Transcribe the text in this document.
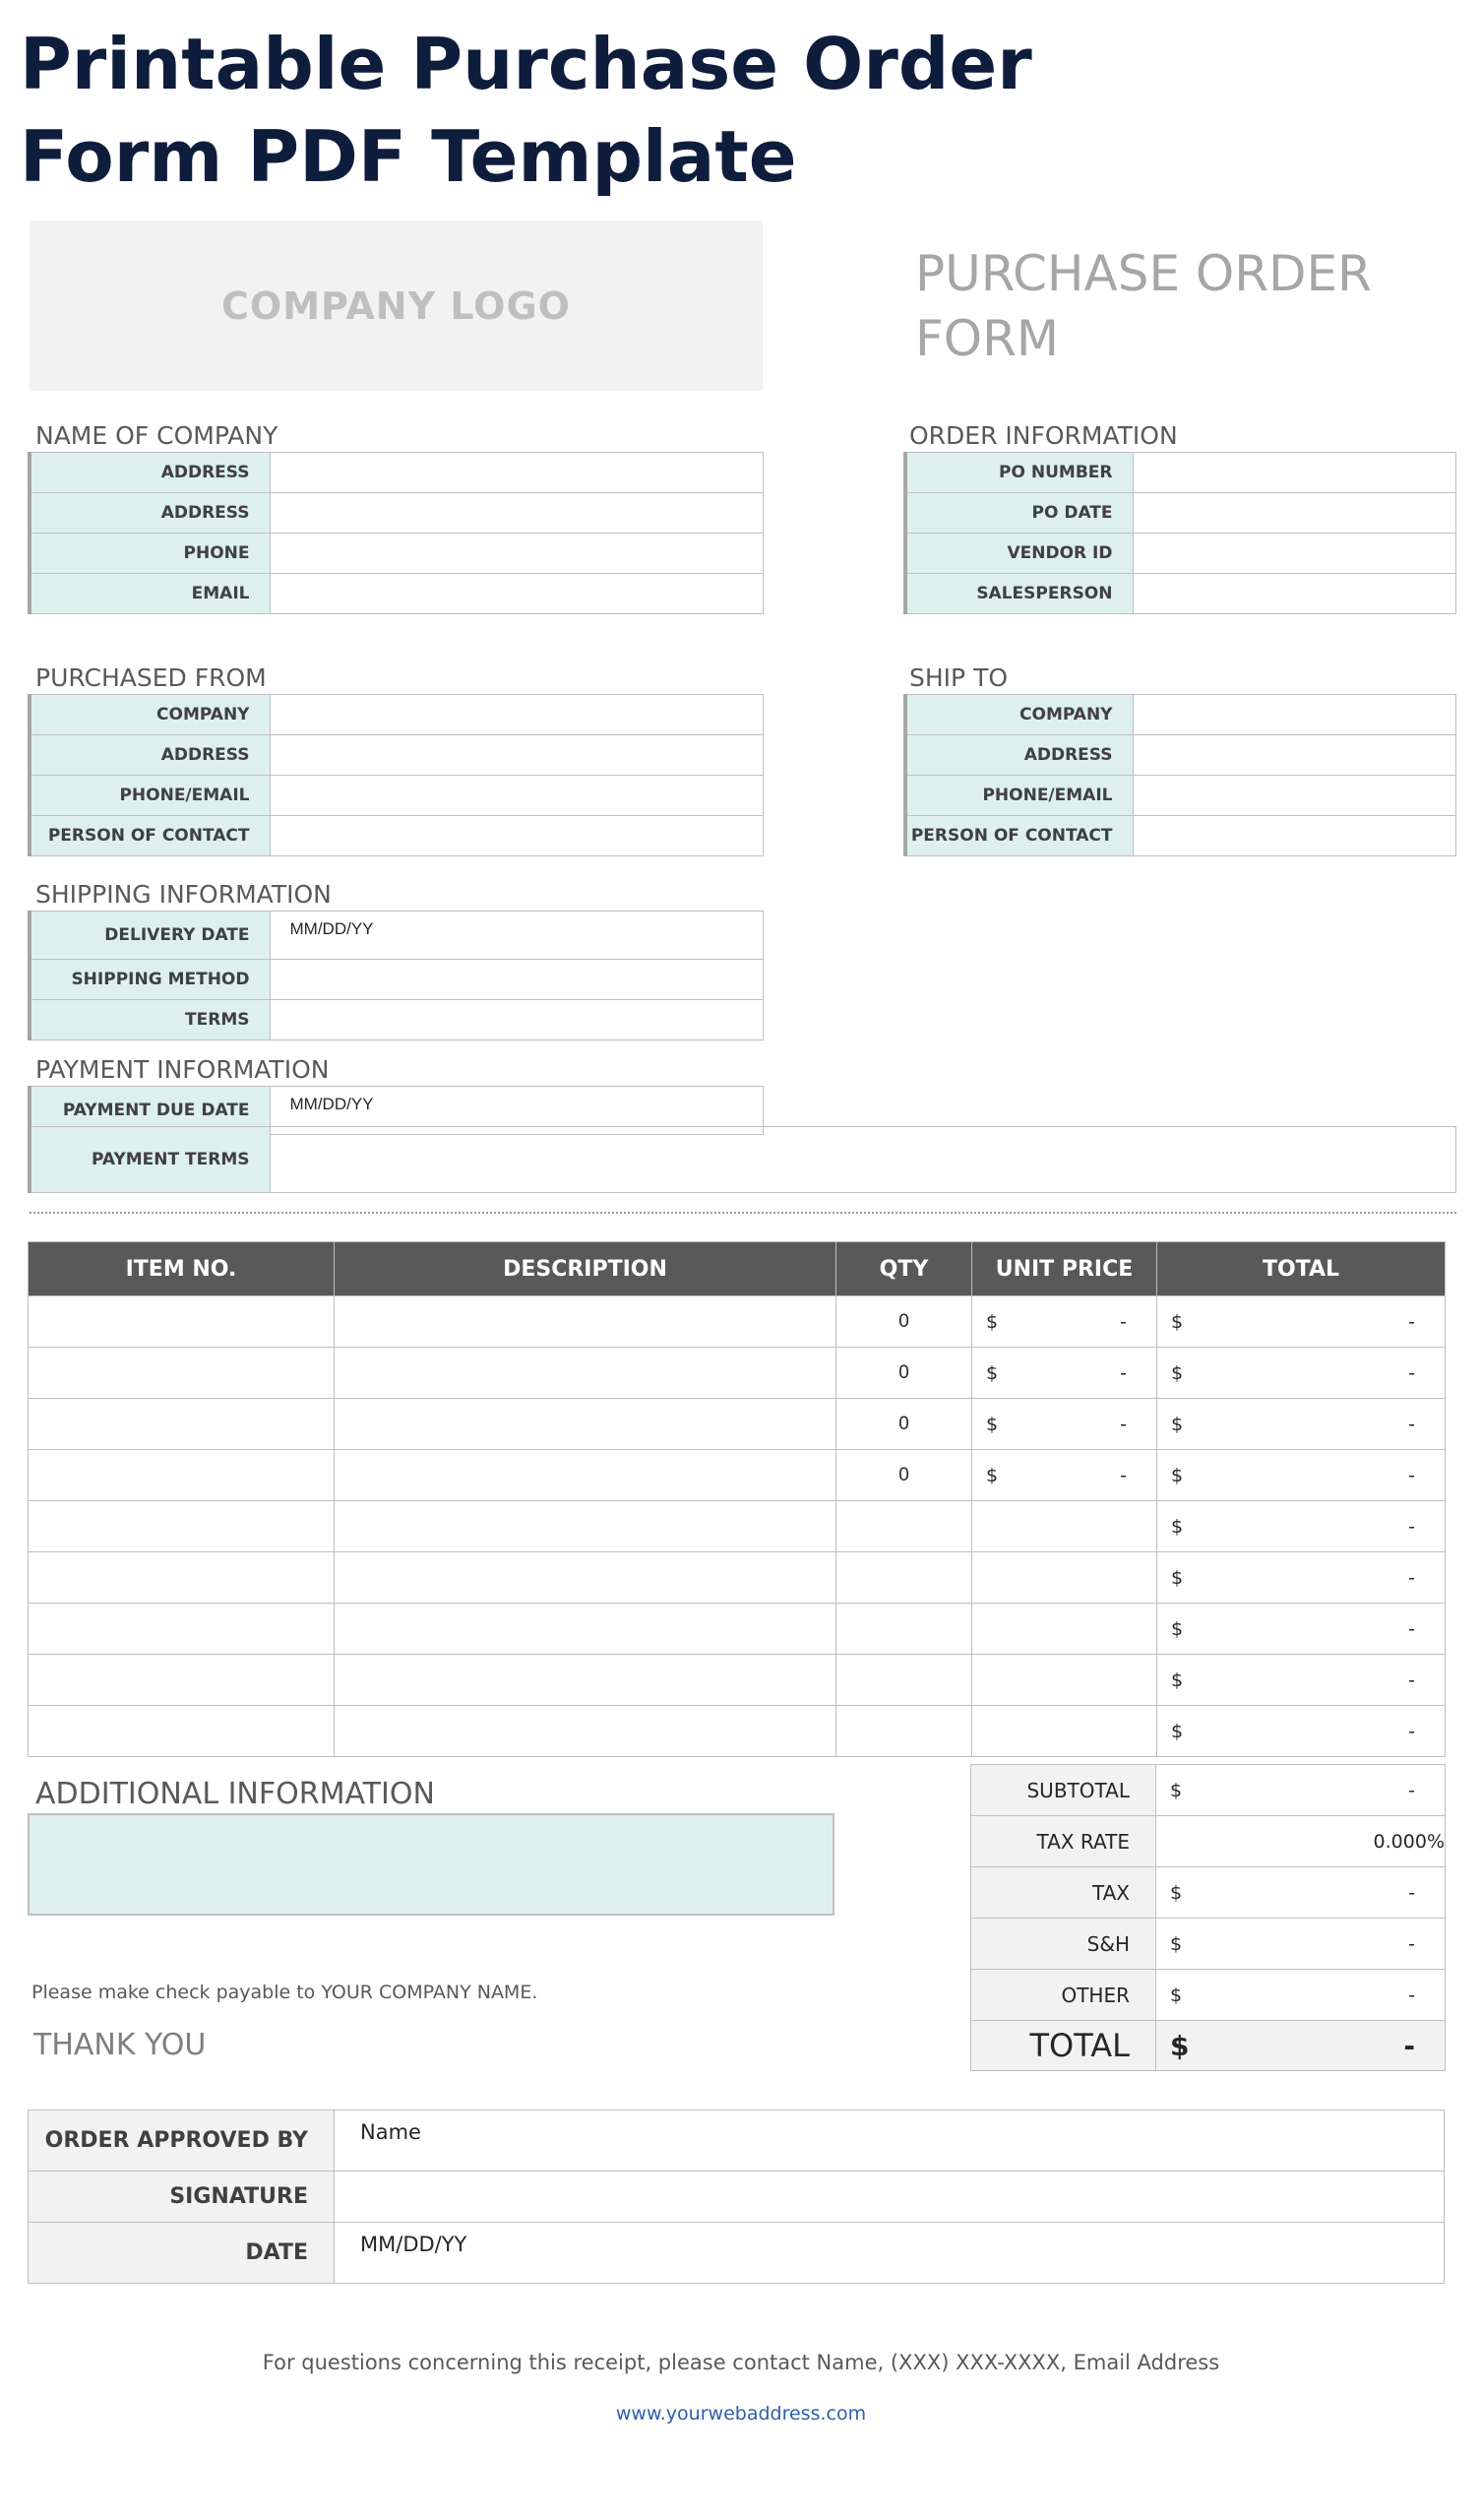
Printable Purchase Order Form PDF Template
COMPANY LOGO
PURCHASE ORDER FORM
NAME OF COMPANY
ADDRESS	
ADDRESS	
PHONE	
EMAIL	
ORDER INFORMATION
PO NUMBER	
PO DATE	
VENDOR ID	
SALESPERSON	
PURCHASED FROM
COMPANY	
ADDRESS	
PHONE/EMAIL	
PERSON OF CONTACT	
SHIP TO
COMPANY	
ADDRESS	
PHONE/EMAIL	
PERSON OF CONTACT	
SHIPPING INFORMATION
DELIVERY DATE	MM/DD/YY
SHIPPING METHOD	
TERMS	
PAYMENT INFORMATION
PAYMENT DUE DATE	MM/DD/YY
PAYMENT TERMS	
ITEM NO.	DESCRIPTION	QTY	UNIT PRICE	TOTAL
		0	$ -	$ -

		0	$ -	$ -

		0	$ -	$ -

		0	$ -	$ -

				$ -

				$ -

				$ -

				$ -

				$ -
ADDITIONAL INFORMATION	SUBTOTAL	$ -

TAX RATE	0.000%
TAX	$ -

S&H	$ -

OTHER	$ -

TOTAL	$ -
Please make check payable to YOUR COMPANY NAME.
THANK YOU
ORDER APPROVED BY	Name
SIGNATURE	
DATE	MM/DD/YY
For questions concerning this receipt, please contact Name, (XXX) XXX-XXXX, Email Address
www.yourwebaddress.com
